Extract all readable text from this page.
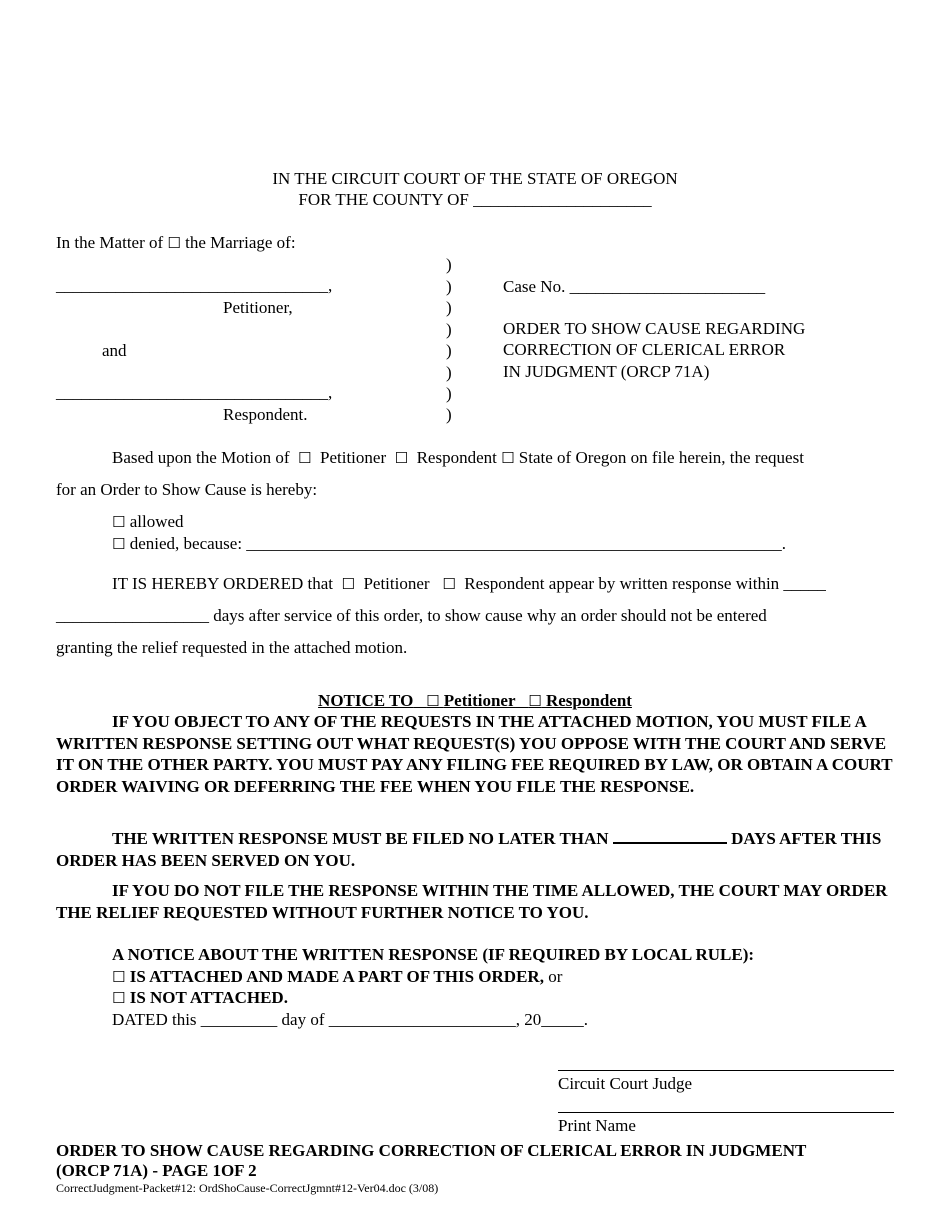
IN THE CIRCUIT COURT OF THE STATE OF OREGON
FOR THE COUNTY OF _____________________
In the Matter of ☐ the Marriage of:
________________________________,
Petitioner,
and
________________________________,
Respondent.
)
)
)
)
)
)
)
)
Case No. _______________________
ORDER TO SHOW CAUSE REGARDING
CORRECTION OF CLERICAL ERROR
IN JUDGMENT (ORCP 71A)
Based upon the Motion of ☐ Petitioner ☐ Respondent ☐ State of Oregon on file herein, the request
for an Order to Show Cause is hereby:
☐ allowed
☐ denied, because: _______________________________________________________________.
IT IS HEREBY ORDERED that ☐ Petitioner ☐ Respondent appear by written response within _____
__________________ days after service of this order, to show cause why an order should not be entered
granting the relief requested in the attached motion.
NOTICE TO ☐ Petitioner ☐ Respondent
IF YOU OBJECT TO ANY OF THE REQUESTS IN THE ATTACHED MOTION, YOU MUST FILE A WRITTEN RESPONSE SETTING OUT WHAT REQUEST(S) YOU OPPOSE WITH THE COURT AND SERVE IT ON THE OTHER PARTY. YOU MUST PAY ANY FILING FEE REQUIRED BY LAW, OR OBTAIN A COURT ORDER WAIVING OR DEFERRING THE FEE WHEN YOU FILE THE RESPONSE.
THE WRITTEN RESPONSE MUST BE FILED NO LATER THAN	DAYS AFTER THIS ORDER HAS BEEN SERVED ON YOU.
IF YOU DO NOT FILE THE RESPONSE WITHIN THE TIME ALLOWED, THE COURT MAY ORDER THE RELIEF REQUESTED WITHOUT FURTHER NOTICE TO YOU.
A NOTICE ABOUT THE WRITTEN RESPONSE (IF REQUIRED BY LOCAL RULE):
☐ IS ATTACHED AND MADE A PART OF THIS ORDER, or
☐ IS NOT ATTACHED.
DATED this _________ day of ______________________, 20_____.
Circuit Court Judge
Print Name
ORDER TO SHOW CAUSE REGARDING CORRECTION OF CLERICAL ERROR IN JUDGMENT
(ORCP 71A) - PAGE 1OF 2
CorrectJudgment-Packet#12: OrdShoCause-CorrectJgmnt#12-Ver04.doc (3/08)
